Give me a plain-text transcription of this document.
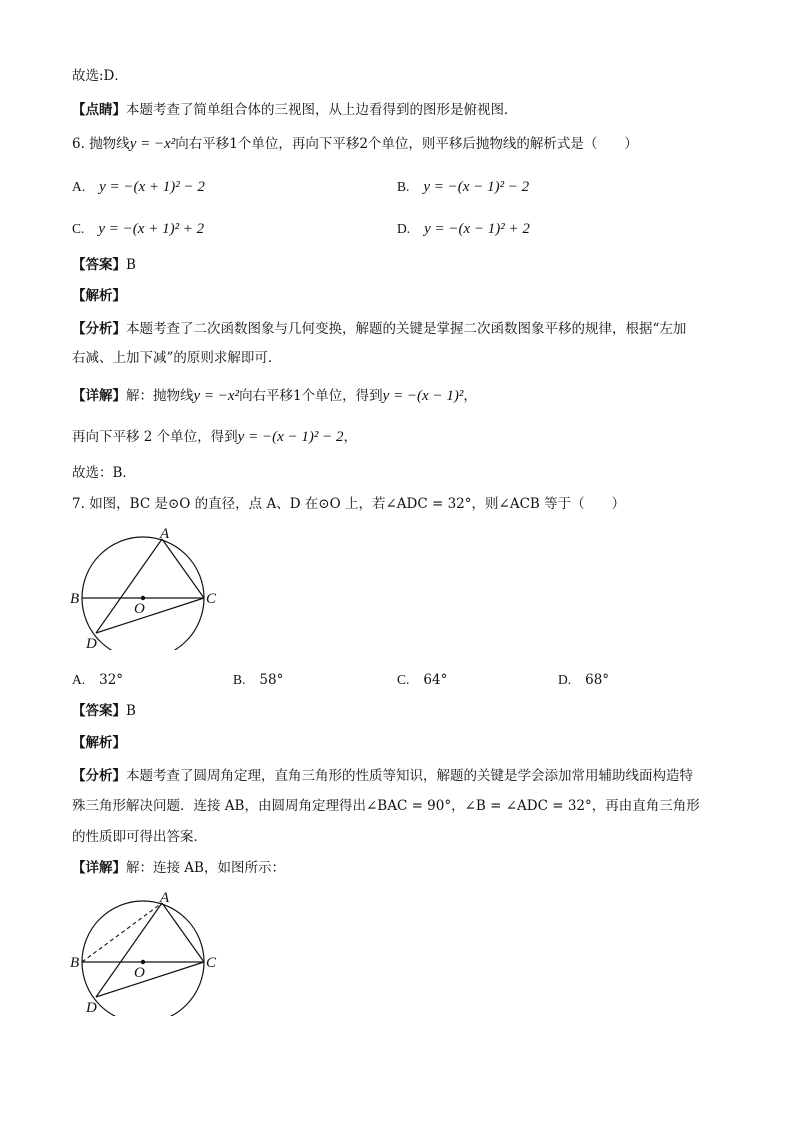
故选:D．
【点睛】本题考查了简单组合体的三视图，从上边看得到的图形是俯视图．
6. 抛物线y = −x²向右平移1个单位，再向下平移2个单位，则平移后抛物线的解析式是（　　）
A. y = −(x + 1)² − 2	B. y = −(x − 1)² − 2
C. y = −(x + 1)² + 2	D. y = −(x − 1)² + 2
【答案】B
【解析】
【分析】本题考查了二次函数图象与几何变换，解题的关键是掌握二次函数图象平移的规律，根据“左加
右减、上加下减”的原则求解即可．
【详解】解：抛物线y = −x²向右平移1个单位，得到y = −(x − 1)²，
再向下平移 2 个单位，得到y = −(x − 1)² − 2，
故选：B．
7. 如图，BC 是⊙O 的直径，点 A、D 在⊙O 上，若∠ADC = 32°，则∠ACB 等于（　　）
A
B	C
D
O
A. 32°	B. 58°	C. 64°	D. 68°
【答案】B
【解析】
【分析】本题考查了圆周角定理，直角三角形的性质等知识，解题的关键是学会添加常用辅助线面构造特
殊三角形解决问题．连接 AB，由圆周角定理得出∠BAC = 90°，∠B = ∠ADC = 32°，再由直角三角形
的性质即可得出答案．
【详解】解：连接 AB，如图所示：
A
B	C
D
O
